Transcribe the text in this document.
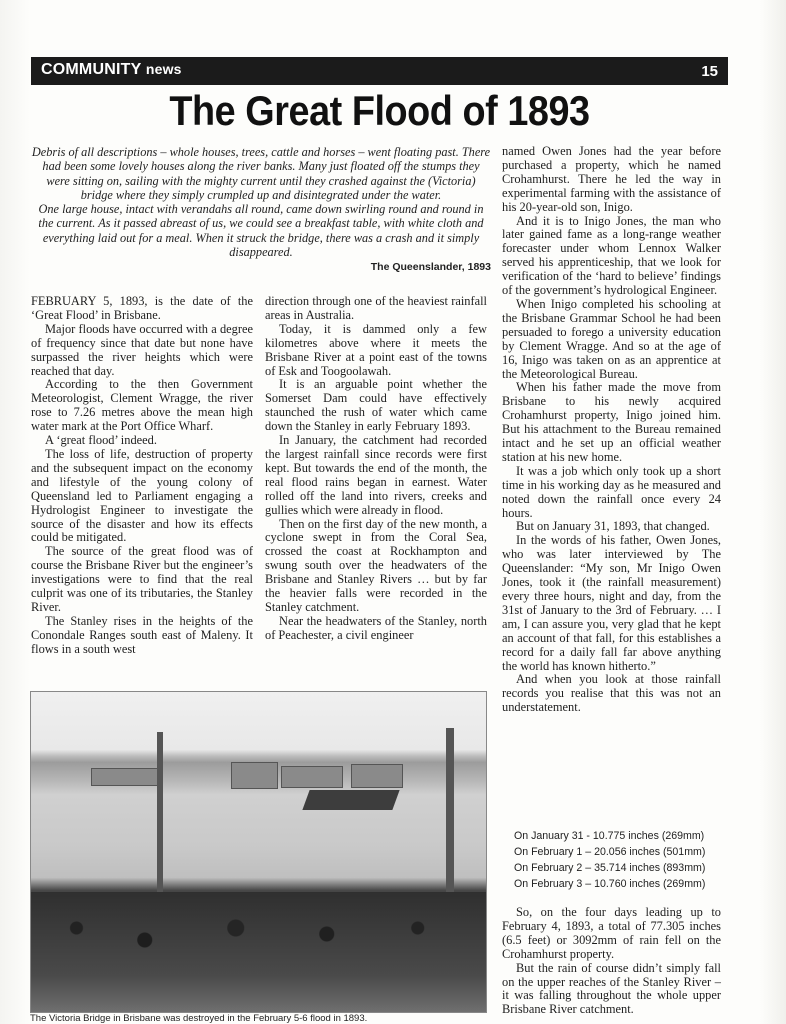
COMMUNITY news	15
The Great Flood of 1893

Debris of all descriptions – whole houses, trees, cattle and horses – went floating past. There had been some lovely houses along the river banks. Many just floated off the stumps they were sitting on, sailing with the mighty current until they crashed against the (Victoria) bridge where they simply crumpled up and disintegrated under the water.

One large house, intact with verandahs all round, came down swirling round and round in the current. As it passed abreast of us, we could see a breakfast table, with white cloth and everything laid out for a meal. When it struck the bridge, there was a crash and it simply disappeared.

The Queenslander, 1893

FEBRUARY 5, 1893, is the date of the ‘Great Flood’ in Brisbane.

Major floods have occurred with a degree of frequency since that date but none have surpassed the river heights which were reached that day.

According to the then Government Meteorologist, Clement Wragge, the river rose to 7.26 metres above the mean high water mark at the Port Office Wharf.

A ‘great flood’ indeed.

The loss of life, destruction of property and the subsequent impact on the economy and lifestyle of the young colony of Queensland led to Parliament engaging a Hydrologist Engineer to investigate the source of the disaster and how its effects could be mitigated.

The source of the great flood was of course the Brisbane River but the engineer’s investigations were to find that the real culprit was one of its tributaries, the Stanley River.

The Stanley rises in the heights of the Conondale Ranges south east of Maleny. It flows in a south west

direction through one of the heaviest rainfall areas in Australia.

Today, it is dammed only a few kilometres above where it meets the Brisbane River at a point east of the towns of Esk and Toogoolawah.

It is an arguable point whether the Somerset Dam could have effectively staunched the rush of water which came down the Stanley in early February 1893.

In January, the catchment had recorded the largest rainfall since records were first kept. But towards the end of the month, the real flood rains began in earnest. Water rolled off the land into rivers, creeks and gullies which were already in flood.

Then on the first day of the new month, a cyclone swept in from the Coral Sea, crossed the coast at Rockhampton and swung south over the headwaters of the Brisbane and Stanley Rivers … but by far the heavier falls were recorded in the Stanley catchment.

Near the headwaters of the Stanley, north of Peachester, a civil engineer

named Owen Jones had the year before purchased a property, which he named Crohamhurst. There he led the way in experimental farming with the assistance of his 20-year-old son, Inigo.

And it is to Inigo Jones, the man who later gained fame as a long-range weather forecaster under whom Lennox Walker served his apprenticeship, that we look for verification of the ‘hard to believe’ findings of the government’s hydrological Engineer.

When Inigo completed his schooling at the Brisbane Grammar School he had been persuaded to forego a university education by Clement Wragge. And so at the age of 16, Inigo was taken on as an apprentice at the Meteorological Bureau.

When his father made the move from Brisbane to his newly acquired Crohamhurst property, Inigo joined him. But his attachment to the Bureau remained intact and he set up an official weather station at his new home.

It was a job which only took up a short time in his working day as he measured and noted down the rainfall once every 24 hours.

But on January 31, 1893, that changed.

In the words of his father, Owen Jones, who was later interviewed by The Queenslander: “My son, Mr Inigo Owen Jones, took it (the rainfall measurement) every three hours, night and day, from the 31st of January to the 3rd of February. … I am, I can assure you, very glad that he kept an account of that fall, for this establishes a record for a daily fall far above anything the world has known hitherto.”

And when you look at those rainfall records you realise that this was not an understatement.

On January 31 - 10.775 inches (269mm)
On February 1 – 20.056 inches (501mm)
On February 2 – 35.714 inches (893mm)
On February 3 – 10.760 inches (269mm)

So, on the four days leading up to February 4, 1893, a total of 77.305 inches (6.5 feet) or 3092mm of rain fell on the Crohamhurst property.

But the rain of course didn’t simply fall on the upper reaches of the Stanley River – it was falling throughout the whole upper Brisbane River catchment.

The Victoria Bridge in Brisbane was destroyed in the February 5-6 flood in 1893.
